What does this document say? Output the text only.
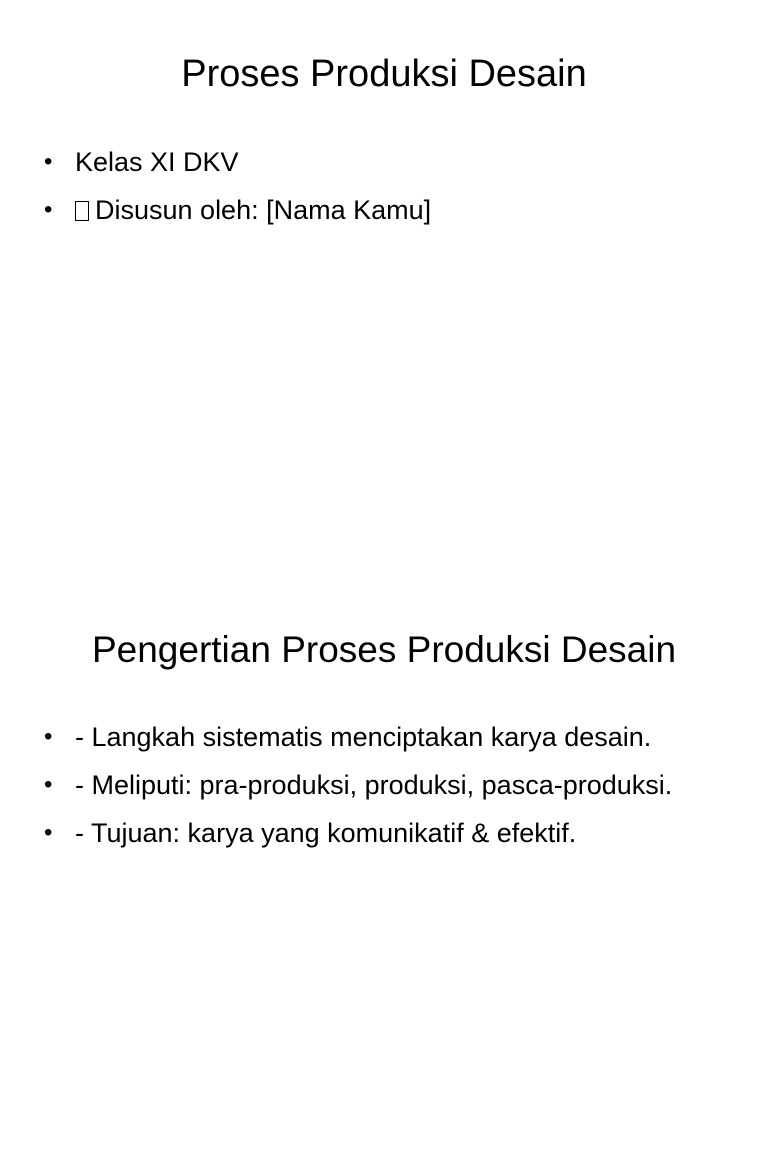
Proses Produksi Desain
• Kelas XI DKV
• Disusun oleh: [Nama Kamu]
Pengertian Proses Produksi Desain
• - Langkah sistematis menciptakan karya desain.
• - Meliputi: pra-produksi, produksi, pasca-produksi.
• - Tujuan: karya yang komunikatif & efektif.
